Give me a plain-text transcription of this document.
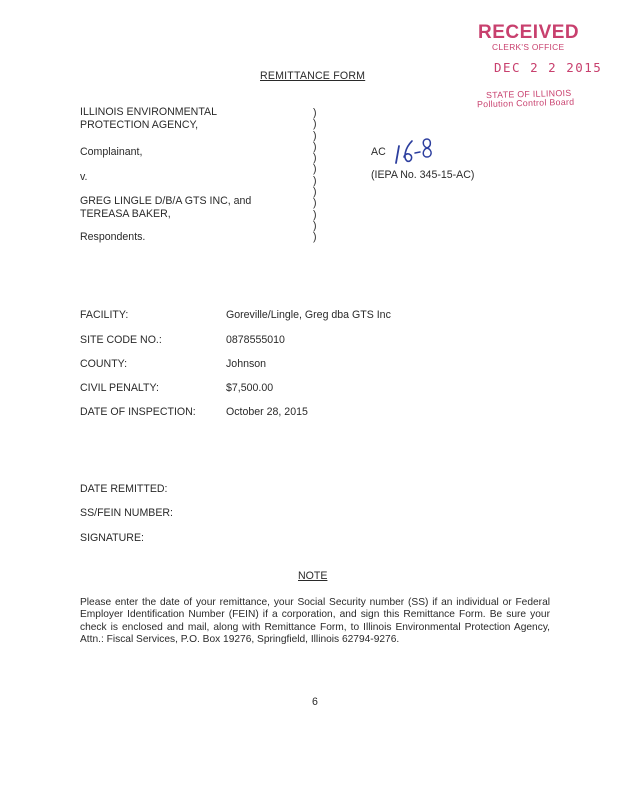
RECEIVED
CLERK'S OFFICE
DEC 2 2 2015
STATE OF ILLINOIS
Pollution Control Board
REMITTANCE FORM
ILLINOIS ENVIRONMENTAL
PROTECTION AGENCY,
Complainant,
v.
GREG LINGLE D/B/A GTS INC, and
TEREASA BAKER,
Respondents.
)
)
)
)
)
)
)
)
)
)
)
)
AC
(IEPA No. 345-15-AC)
FACILITY:	Goreville/Lingle, Greg dba GTS Inc
SITE CODE NO.:	0878555010
COUNTY:	Johnson
CIVIL PENALTY:	$7,500.00
DATE OF INSPECTION:	October 28, 2015
DATE REMITTED:
SS/FEIN NUMBER:
SIGNATURE:
NOTE
Please enter the date of your remittance, your Social Security number (SS) if an individual or Federal Employer Identification Number (FEIN) if a corporation, and sign this Remittance Form. Be sure your check is enclosed and mail, along with Remittance Form, to Illinois Environmental Protection Agency, Attn.: Fiscal Services, P.O. Box 19276, Springfield, Illinois 62794-9276.
6
